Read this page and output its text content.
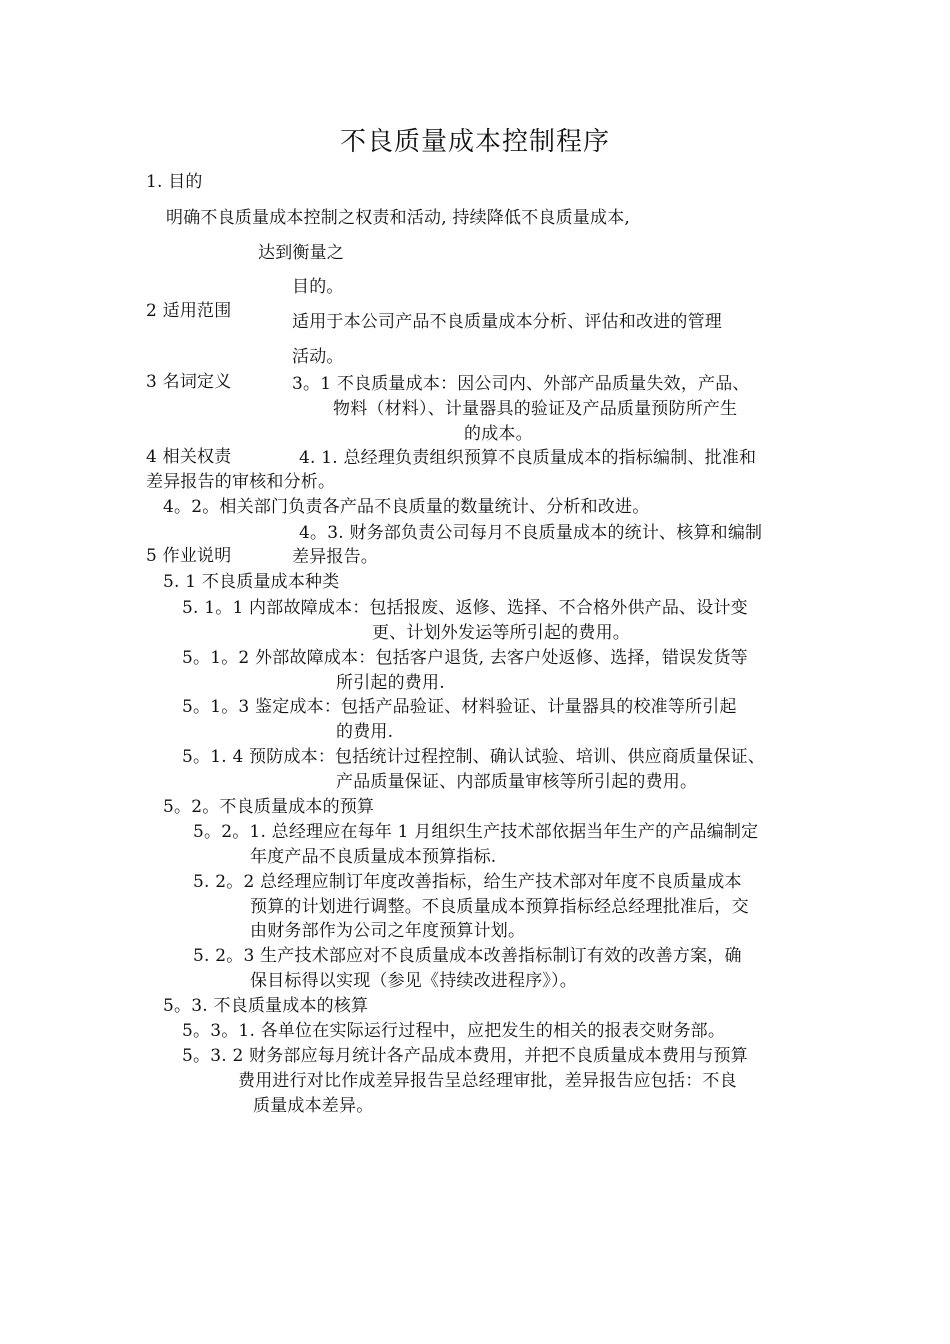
不良质量成本控制程序
1. 目的
明确不良质量成本控制之权责和活动, 持续降低不良质量成本,
达到衡量之
目的。
2 适用范围
适用于本公司产品不良质量成本分析、评估和改进的管理
活动。
3 名词定义	3。1 不良质量成本：因公司内、外部产品质量失效，产品、
物料（材料）、计量器具的验证及产品质量预防所产生
的成本。
4 相关权责	4. 1. 总经理负责组织预算不良质量成本的指标编制、批准和
差异报告的审核和分析。
4。2。相关部门负责各产品不良质量的数量统计、分析和改进。
4。3. 财务部负责公司每月不良质量成本的统计、核算和编制
5 作业说明	差异报告。
5. 1 不良质量成本种类
5. 1。1 内部故障成本：包括报废、返修、选择、不合格外供产品、设计变
更、计划外发运等所引起的费用。
5。1。2 外部故障成本：包括客户退货, 去客户处返修、选择，错误发货等
所引起的费用.
5。1。3 鉴定成本：包括产品验证、材料验证、计量器具的校准等所引起
的费用.
5。1. 4 预防成本：包括统计过程控制、确认试验、培训、供应商质量保证、
产品质量保证、内部质量审核等所引起的费用。
5。2。不良质量成本的预算
5。2。1. 总经理应在每年 1 月组织生产技术部依据当年生产的产品编制定
年度产品不良质量成本预算指标.
5. 2。2 总经理应制订年度改善指标，给生产技术部对年度不良质量成本
预算的计划进行调整。不良质量成本预算指标经总经理批准后，交
由财务部作为公司之年度预算计划。
5. 2。3 生产技术部应对不良质量成本改善指标制订有效的改善方案，确
保目标得以实现（参见《持续改进程序》）。
5。3. 不良质量成本的核算
5。3。1. 各单位在实际运行过程中，应把发生的相关的报表交财务部。
5。3. 2 财务部应每月统计各产品成本费用，并把不良质量成本费用与预算
费用进行对比作成差异报告呈总经理审批，差异报告应包括：不良
质量成本差异。
